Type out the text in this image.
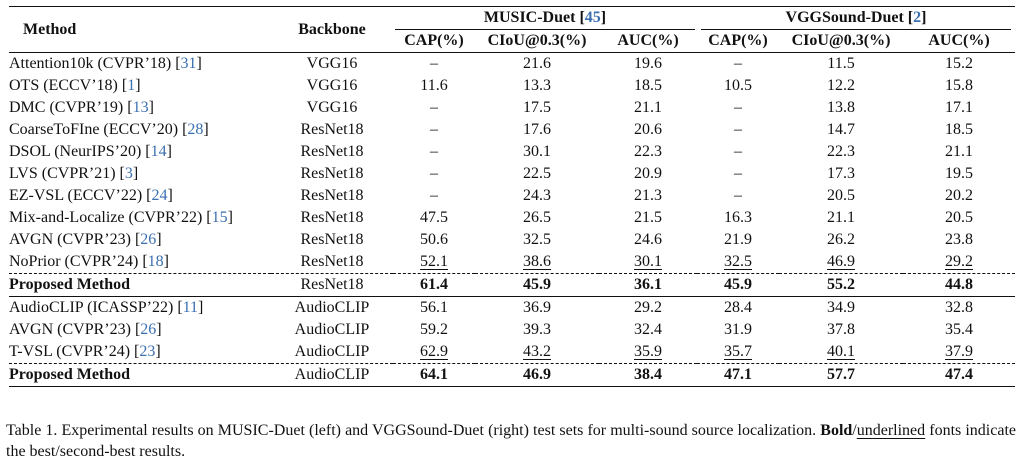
Method	Backbone	MUSIC-Duet [45]			VGGSound-Duet [2]		
		CAP(%)	CIoU@0.3(%)	AUC(%)	CAP(%)	CIoU@0.3(%)	AUC(%)
Attention10k (CVPR’18) [31]	VGG16	–	21.6	19.6	–	11.5	15.2
OTS (ECCV’18) [1]	VGG16	11.6	13.3	18.5	10.5	12.2	15.8
DMC (CVPR’19) [13]	VGG16	–	17.5	21.1	–	13.8	17.1
CoarseToFIne (ECCV’20) [28]	ResNet18	–	17.6	20.6	–	14.7	18.5
DSOL (NeurIPS’20) [14]	ResNet18	–	30.1	22.3	–	22.3	21.1
LVS (CVPR’21) [3]	ResNet18	–	22.5	20.9	–	17.3	19.5
EZ-VSL (ECCV’22) [24]	ResNet18	–	24.3	21.3	–	20.5	20.2
Mix-and-Localize (CVPR’22) [15]	ResNet18	47.5	26.5	21.5	16.3	21.1	20.5
AVGN (CVPR’23) [26]	ResNet18	50.6	32.5	24.6	21.9	26.2	23.8
NoPrior (CVPR’24) [18]	ResNet18	52.1	38.6	30.1	32.5	46.9	29.2
Proposed Method	ResNet18	61.4	45.9	36.1	45.9	55.2	44.8
AudioCLIP (ICASSP’22) [11]	AudioCLIP	56.1	36.9	29.2	28.4	34.9	32.8
AVGN (CVPR’23) [26]	AudioCLIP	59.2	39.3	32.4	31.9	37.8	35.4
T-VSL (CVPR’24) [23]	AudioCLIP	62.9	43.2	35.9	35.7	40.1	37.9
Proposed Method	AudioCLIP	64.1	46.9	38.4	47.1	57.7	47.4
Table 1. Experimental results on MUSIC-Duet (left) and VGGSound-Duet (right) test sets for multi-sound source localization. Bold/underlined fonts indicate the best/second-best results.
